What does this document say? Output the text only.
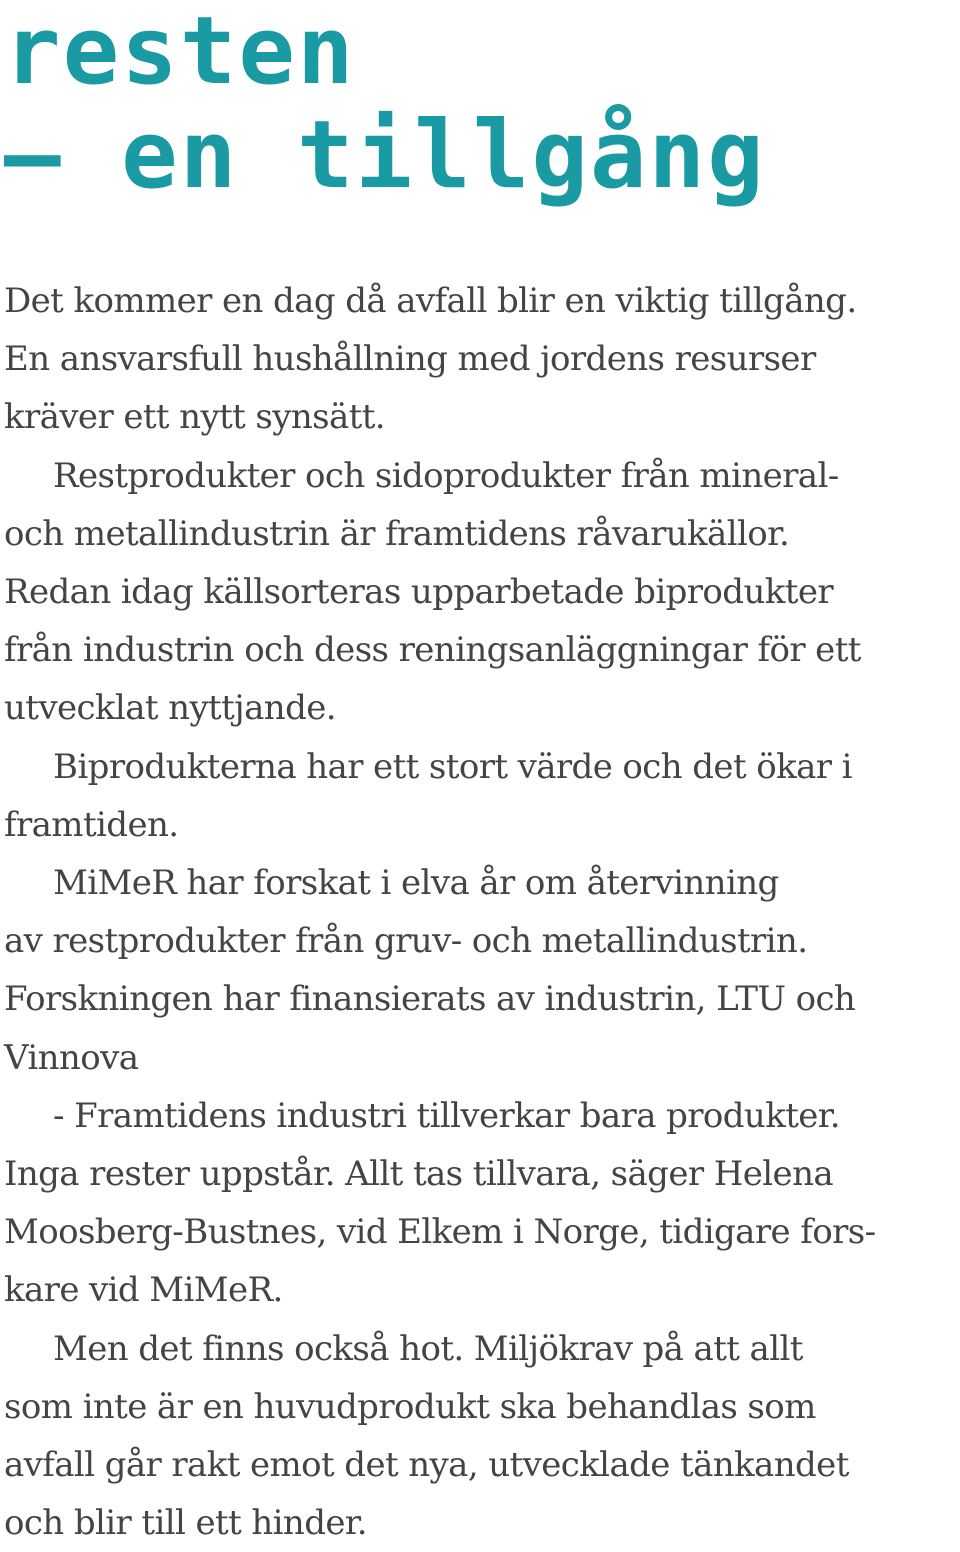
resten
– en tillgång
Det kommer en dag då avfall blir en viktig tillgång.
En ansvarsfull hushållning med jordens resurser
kräver ett nytt synsätt.
Restprodukter och sidoprodukter från mineral-
och metallindustrin är framtidens råvarukällor.
Redan idag källsorteras upparbetade biprodukter
från industrin och dess reningsanläggningar för ett
utvecklat nyttjande.
Biprodukterna har ett stort värde och det ökar i
framtiden.
MiMeR har forskat i elva år om återvinning
av restprodukter från gruv- och metallindustrin.
Forskningen har finansierats av industrin, LTU och
Vinnova
- Framtidens industri tillverkar bara produkter.
Inga rester uppstår. Allt tas tillvara, säger Helena
Moosberg-Bustnes, vid Elkem i Norge, tidigare fors-
kare vid MiMeR.
Men det finns också hot. Miljökrav på att allt
som inte är en huvudprodukt ska behandlas som
avfall går rakt emot det nya, utvecklade tänkandet
och blir till ett hinder.
